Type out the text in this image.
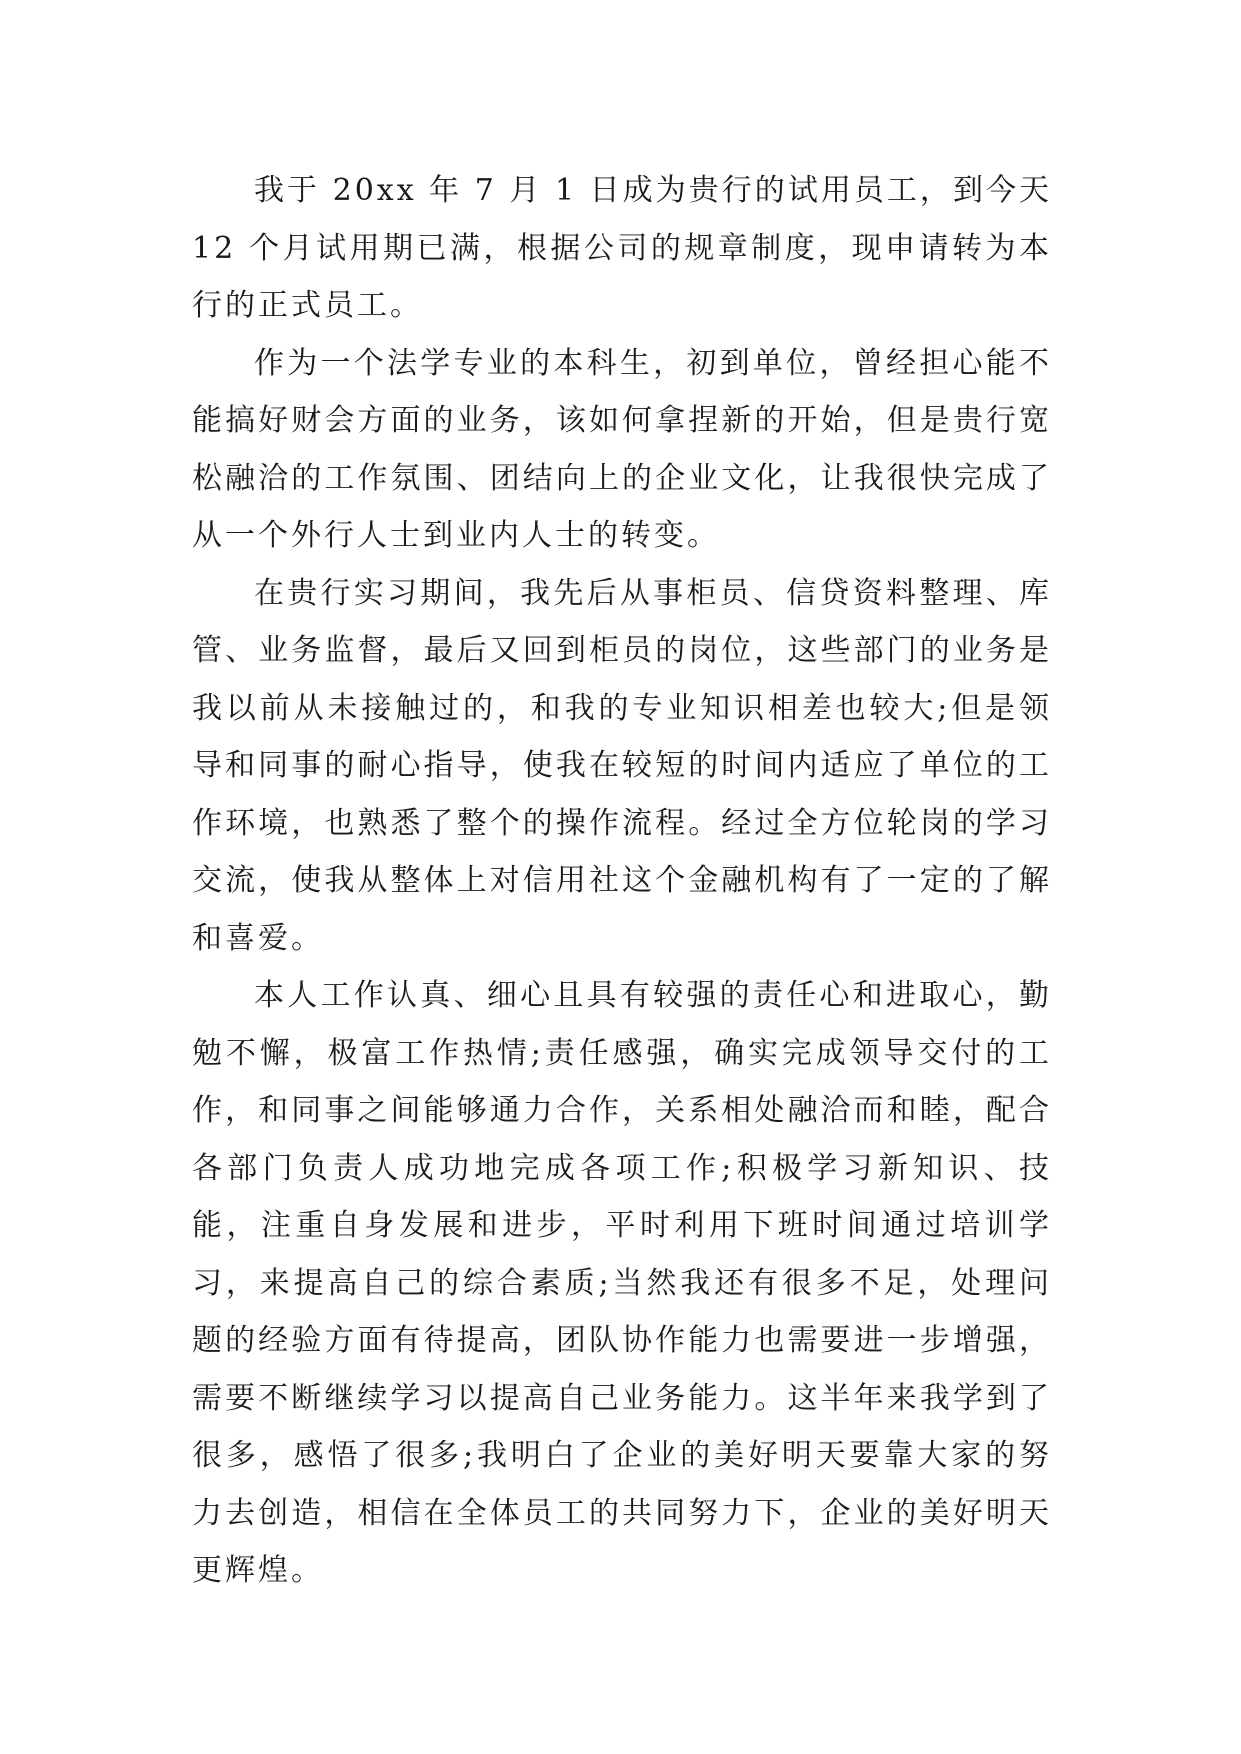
我于 20xx 年 7 月 1 日成为贵行的试用员工，到今天 12 个月试用期已满，根据公司的规章制度，现申请转为本行的正式员工。

作为一个法学专业的本科生，初到单位，曾经担心能不能搞好财会方面的业务，该如何拿捏新的开始，但是贵行宽松融洽的工作氛围、团结向上的企业文化，让我很快完成了从一个外行人士到业内人士的转变。

在贵行实习期间，我先后从事柜员、信贷资料整理、库管、业务监督，最后又回到柜员的岗位，这些部门的业务是我以前从未接触过的，和我的专业知识相差也较大;但是领导和同事的耐心指导，使我在较短的时间内适应了单位的工作环境，也熟悉了整个的操作流程。经过全方位轮岗的学习交流，使我从整体上对信用社这个金融机构有了一定的了解和喜爱。

本人工作认真、细心且具有较强的责任心和进取心，勤勉不懈，极富工作热情;责任感强，确实完成领导交付的工作，和同事之间能够通力合作，关系相处融洽而和睦，配合各部门负责人成功地完成各项工作;积极学习新知识、技能，注重自身发展和进步，平时利用下班时间通过培训学习，来提高自己的综合素质;当然我还有很多不足，处理问题的经验方面有待提高，团队协作能力也需要进一步增强，需要不断继续学习以提高自己业务能力。这半年来我学到了很多，感悟了很多;我明白了企业的美好明天要靠大家的努力去创造，相信在全体员工的共同努力下，企业的美好明天更辉煌。
